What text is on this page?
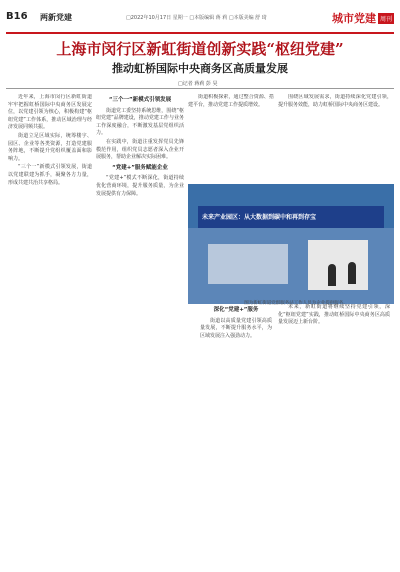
B16 两新党建	□2022年10月17日 星期一 □本版编辑 蒋 莉 □本版美编 舒 琦	城市党建 周刊
上海市闵行区新虹街道创新实践“枢纽党建”
推动虹桥国际中央商务区高质量发展
□记者 蒋莉 彭 昊

近年来，上海市闵行区新虹街道牢牢把握虹桥国际中央商务区发展定位，以党建引领为核心，积极构建“枢纽党建”工作体系，推动区域治理与经济发展同频共振。

街道立足区域实际，统筹楼宇、园区、企业等各类资源，打造党建服务阵地，不断提升党组织覆盖面和影响力。

“三个一”新模式引领发展，街道以党建联建为抓手，凝聚各方力量，形成共建共治共享格局。

“三个一”新模式引领发展

街道党工委坚持系统思维，围绕“枢纽党建”品牌建设，推动党建工作与业务工作深度融合，不断激发基层党组织活力。

在实践中，街道注重发挥党员先锋模范作用，组织党员志愿者深入企业开展服务，帮助企业解决实际困难。

“党建+”服务赋能企业

“党建+”模式不断深化，街道持续优化营商环境，提升服务质量，为企业发展提供有力保障。

街道积极探索，通过整合资源、搭建平台，推动党建工作提质增效。

围绕区域发展需求，街道持续深化党建引领，提升服务效能，助力虹桥国际中央商务区建设。

未来产业园区：从大数据到碳中和再到存宝
图为新虹街道党群服务站工作人员为企业提供服务。
深化“党建+”服务

街道以高质量党建引领高质量发展，不断提升服务水平，为区域发展注入强劲动力。

未来，新虹街道将继续坚持党建引领，深化“枢纽党建”实践，推动虹桥国际中央商务区高质量发展迈上新台阶。
